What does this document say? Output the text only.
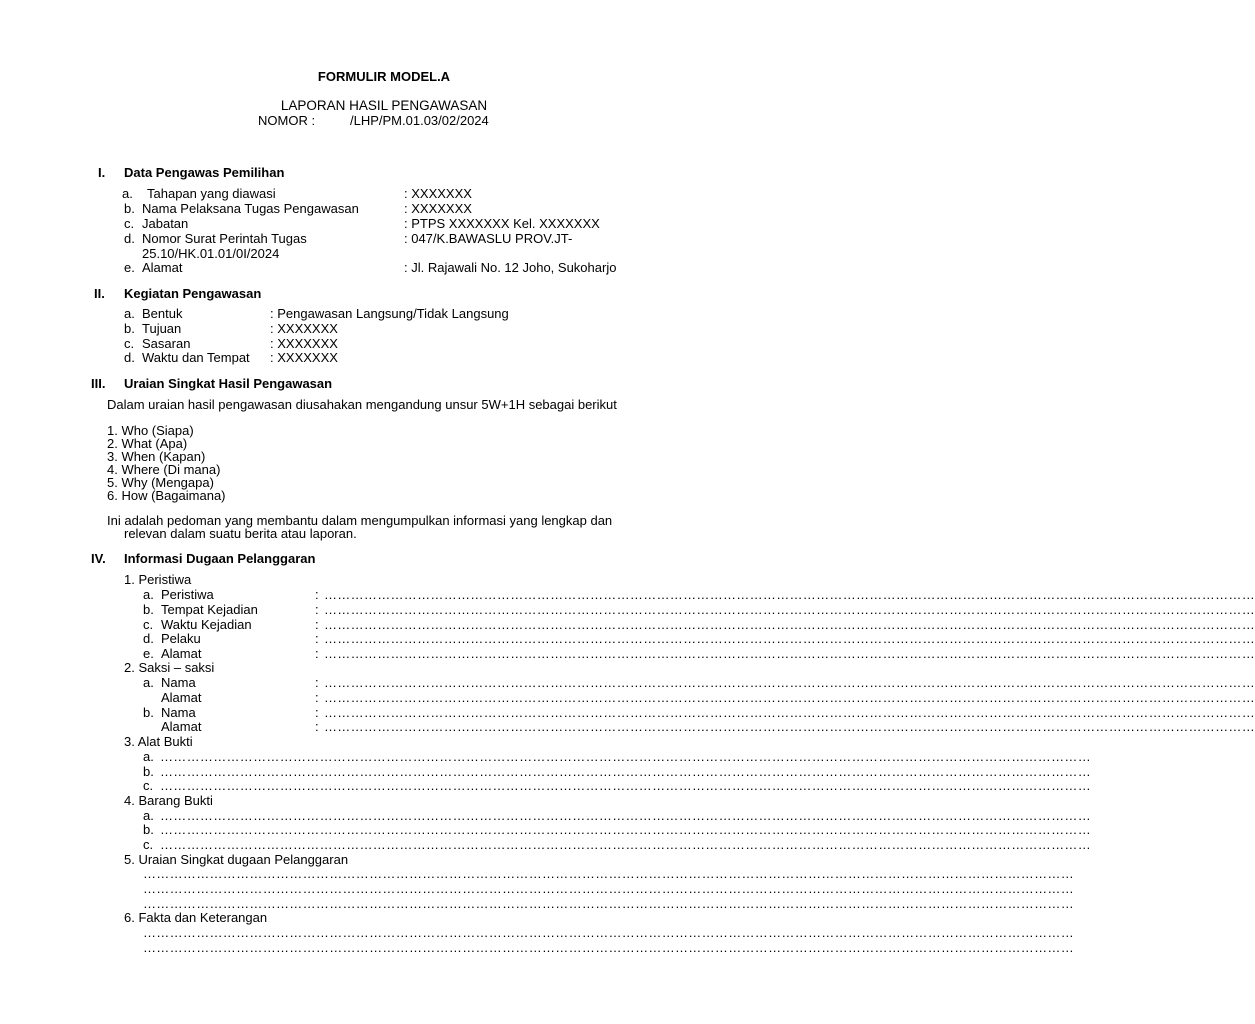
FORMULIR MODEL.A
LAPORAN HASIL PENGAWASAN
NOMOR :	/LHP/PM.01.03/02/2024
I. Data Pengawas Pemilihan
a. Tahapan yang diawasi	: XXXXXXX
b. Nama Pelaksana Tugas Pengawasan	: XXXXXXX
c. Jabatan	: PTPS XXXXXXX Kel. XXXXXXX
d. Nomor Surat Perintah Tugas	: 047/K.BAWASLU PROV.JT-
25.10/HK.01.01/0I/2024
e. Alamat	: Jl. Rajawali No. 12 Joho, Sukoharjo
II. Kegiatan Pengawasan
a. Bentuk	: Pengawasan Langsung/Tidak Langsung
b. Tujuan	: XXXXXXX
c. Sasaran	: XXXXXXX
d. Waktu dan Tempat : XXXXXXX
III. Uraian Singkat Hasil Pengawasan
Dalam uraian hasil pengawasan diusahakan mengandung unsur 5W+1H sebagai berikut
1. Who (Siapa)
2. What (Apa)
3. When (Kapan)
4. Where (Di mana)
5. Why (Mengapa)
6. How (Bagaimana)
Ini adalah pedoman yang membantu dalam mengumpulkan informasi yang lengkap dan
relevan dalam suatu berita atau laporan.
IV. Informasi Dugaan Pelanggaran
1. Peristiwa
a. Peristiwa	: …………………………………………………………………………………………………………………………………………………………………………………………
b. Tempat Kejadian	: …………………………………………………………………………………………………………………………………………………………………………………………
c. Waktu Kejadian	: …………………………………………………………………………………………………………………………………………………………………………………………
d. Pelaku	: …………………………………………………………………………………………………………………………………………………………………………………………
e. Alamat	: …………………………………………………………………………………………………………………………………………………………………………………………
2. Saksi – saksi
a. Nama	: …………………………………………………………………………………………………………………………………………………………………………………………
Alamat	: …………………………………………………………………………………………………………………………………………………………………………………………
b. Nama	: …………………………………………………………………………………………………………………………………………………………………………………………
Alamat	: …………………………………………………………………………………………………………………………………………………………………………………………
3. Alat Bukti
a. …………………………………………………………………………………………………………………………………………………………………………………………
b. …………………………………………………………………………………………………………………………………………………………………………………………
c. …………………………………………………………………………………………………………………………………………………………………………………………
4. Barang Bukti
a. …………………………………………………………………………………………………………………………………………………………………………………………
b. …………………………………………………………………………………………………………………………………………………………………………………………
c. …………………………………………………………………………………………………………………………………………………………………………………………
5. Uraian Singkat dugaan Pelanggaran
…………………………………………………………………………………………………………………………………………………………………………………………
…………………………………………………………………………………………………………………………………………………………………………………………
…………………………………………………………………………………………………………………………………………………………………………………………
6. Fakta dan Keterangan
…………………………………………………………………………………………………………………………………………………………………………………………
…………………………………………………………………………………………………………………………………………………………………………………………
